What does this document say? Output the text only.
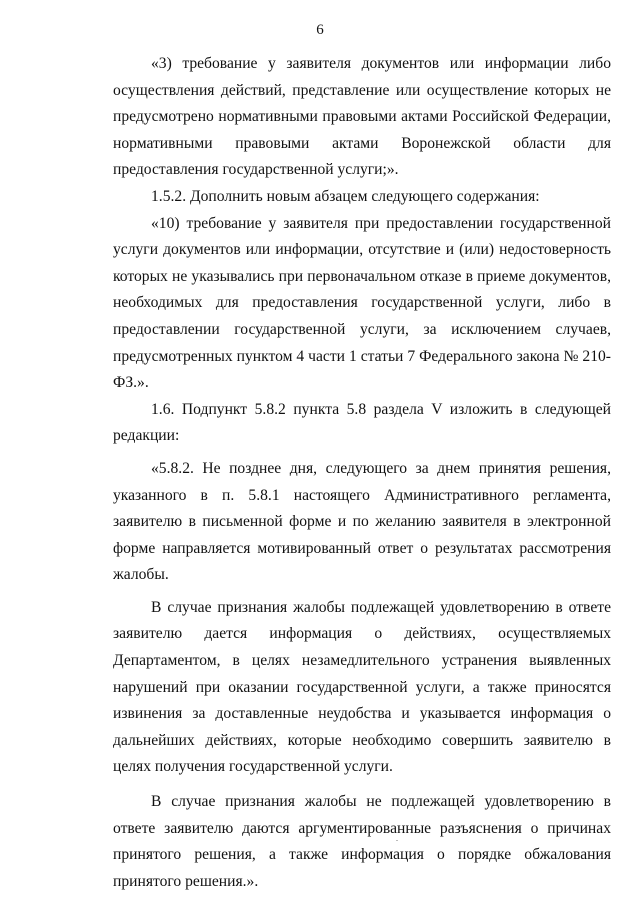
6

«3) требование у заявителя документов или информации либо осуществления действий, представление или осуществление которых не предусмотрено нормативными правовыми актами Российской Федерации, нормативными правовыми актами Воронежской области для предоставления государственной услуги;».

1.5.2. Дополнить новым абзацем следующего содержания:

«10) требование у заявителя при предоставлении государственной услуги документов или информации, отсутствие и (или) недостоверность которых не указывались при первоначальном отказе в приеме документов, необходимых для предоставления государственной услуги, либо в предоставлении государственной услуги, за исключением случаев, предусмотренных пунктом 4 части 1 статьи 7 Федерального закона № 210-ФЗ.».

1.6. Подпункт 5.8.2 пункта 5.8 раздела V изложить в следующей редакции:

«5.8.2. Не позднее дня, следующего за днем принятия решения, указанного в п. 5.8.1 настоящего Административного регламента, заявителю в письменной форме и по желанию заявителя в электронной форме направляется мотивированный ответ о результатах рассмотрения жалобы.

В случае признания жалобы подлежащей удовлетворению в ответе заявителю дается информация о действиях, осуществляемых Департаментом, в целях незамедлительного устранения выявленных нарушений при оказании государственной услуги, а также приносятся извинения за доставленные неудобства и указывается информация о дальнейших действиях, которые необходимо совершить заявителю в целях получения государственной услуги.

В случае признания жалобы не подлежащей удовлетворению в ответе заявителю даются аргументированные разъяснения о причинах принятого решения, а также информация о порядке обжалования принятого решения.».
